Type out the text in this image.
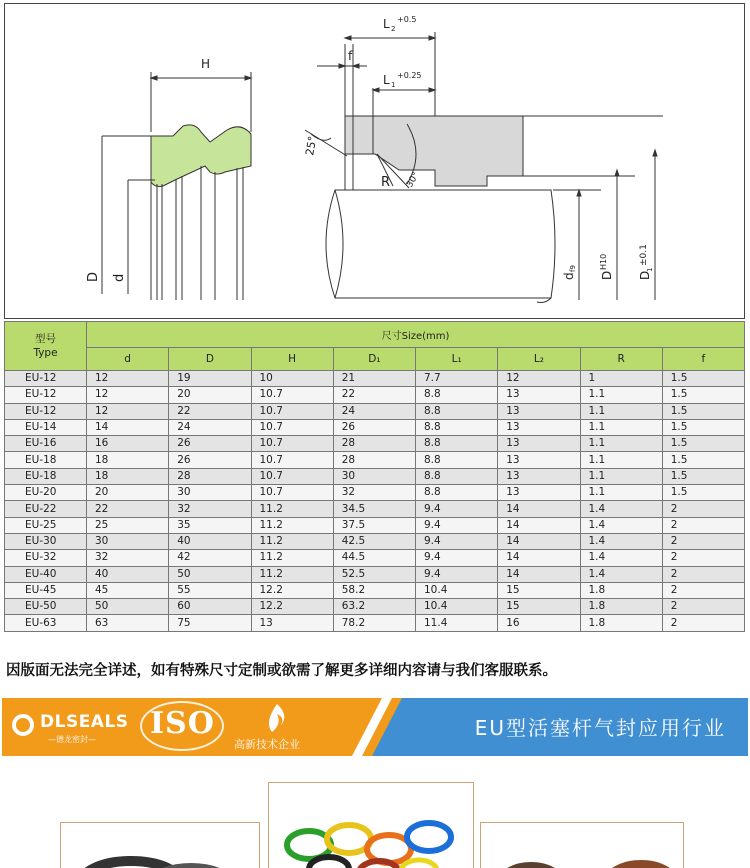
H
D d
L 2
+0.5
f
L 1
+0.25
25°
R 30°
d
f9
D
H10
D
1
±0.1
型号
Type	尺寸Size(mm)							
	d	D	H	D₁	L₁	L₂	R	f
EU-12	12	19	10	21	7.7	12	1	1.5
EU-12	12	20	10.7	22	8.8	13	1.1	1.5
EU-12	12	22	10.7	24	8.8	13	1.1	1.5
EU-14	14	24	10.7	26	8.8	13	1.1	1.5
EU-16	16	26	10.7	28	8.8	13	1.1	1.5
EU-18	18	26	10.7	28	8.8	13	1.1	1.5
EU-18	18	28	10.7	30	8.8	13	1.1	1.5
EU-20	20	30	10.7	32	8.8	13	1.1	1.5
EU-22	22	32	11.2	34.5	9.4	14	1.4	2
EU-25	25	35	11.2	37.5	9.4	14	1.4	2
EU-30	30	40	11.2	42.5	9.4	14	1.4	2
EU-32	32	42	11.2	44.5	9.4	14	1.4	2
EU-40	40	50	11.2	52.5	9.4	14	1.4	2
EU-45	45	55	12.2	58.2	10.4	15	1.8	2
EU-50	50	60	12.2	63.2	10.4	15	1.8	2
EU-63	63	75	13	78.2	11.4	16	1.8	2
因版面无法完全详述，如有特殊尺寸定制或欲需了解更多详细内容请与我们客服联系。
DLSEALS
—德龙密封— ISO
高新技术企业
EU型活塞杆气封应用行业
